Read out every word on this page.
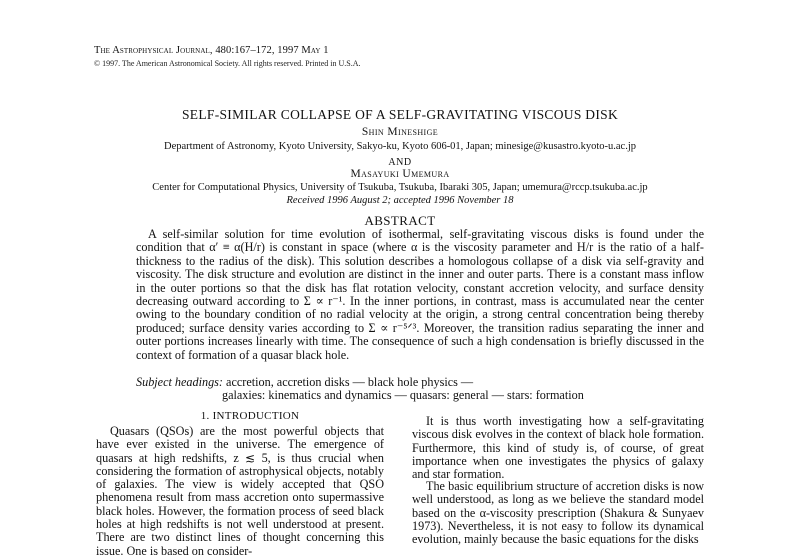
The Astrophysical Journal, 480:167–172, 1997 May 1
© 1997. The American Astronomical Society. All rights reserved. Printed in U.S.A.
SELF-SIMILAR COLLAPSE OF A SELF-GRAVITATING VISCOUS DISK
Shin Mineshige
Department of Astronomy, Kyoto University, Sakyo-ku, Kyoto 606-01, Japan; minesige@kusastro.kyoto-u.ac.jp
AND
Masayuki Umemura
Center for Computational Physics, University of Tsukuba, Tsukuba, Ibaraki 305, Japan; umemura@rccp.tsukuba.ac.jp
Received 1996 August 2; accepted 1996 November 18
ABSTRACT
A self-similar solution for time evolution of isothermal, self-gravitating viscous disks is found under the condition that α′ ≡ α(H/r) is constant in space (where α is the viscosity parameter and H/r is the ratio of a half-thickness to the radius of the disk). This solution describes a homologous collapse of a disk via self-gravity and viscosity. The disk structure and evolution are distinct in the inner and outer parts. There is a constant mass inflow in the outer portions so that the disk has flat rotation velocity, constant accretion velocity, and surface density decreasing outward according to Σ ∝ r⁻¹. In the inner portions, in contrast, mass is accumulated near the center owing to the boundary condition of no radial velocity at the origin, a strong central concentration being thereby produced; surface density varies according to Σ ∝ r⁻⁵ᐟ³. Moreover, the transition radius separating the inner and outer portions increases linearly with time. The consequence of such a high condensation is briefly discussed in the context of formation of a quasar black hole.
Subject headings: accretion, accretion disks — black hole physics —
galaxies: kinematics and dynamics — quasars: general — stars: formation
1. INTRODUCTION
Quasars (QSOs) are the most powerful objects that have ever existed in the universe. The emergence of quasars at high redshifts, z ≲ 5, is thus crucial when considering the formation of astrophysical objects, notably of galaxies. The view is widely accepted that QSO phenomena result from mass accretion onto supermassive black holes. However, the formation process of seed black holes at high redshifts is not well understood at present. There are two distinct lines of thought concerning this issue. One is based on consider-
It is thus worth investigating how a self-gravitating viscous disk evolves in the context of black hole formation. Furthermore, this kind of study is, of course, of great importance when one investigates the physics of galaxy and star formation.
The basic equilibrium structure of accretion disks is now well understood, as long as we believe the standard model based on the α-viscosity prescription (Shakura & Sunyaev 1973). Nevertheless, it is not easy to follow its dynamical evolution, mainly because the basic equations for the disks
